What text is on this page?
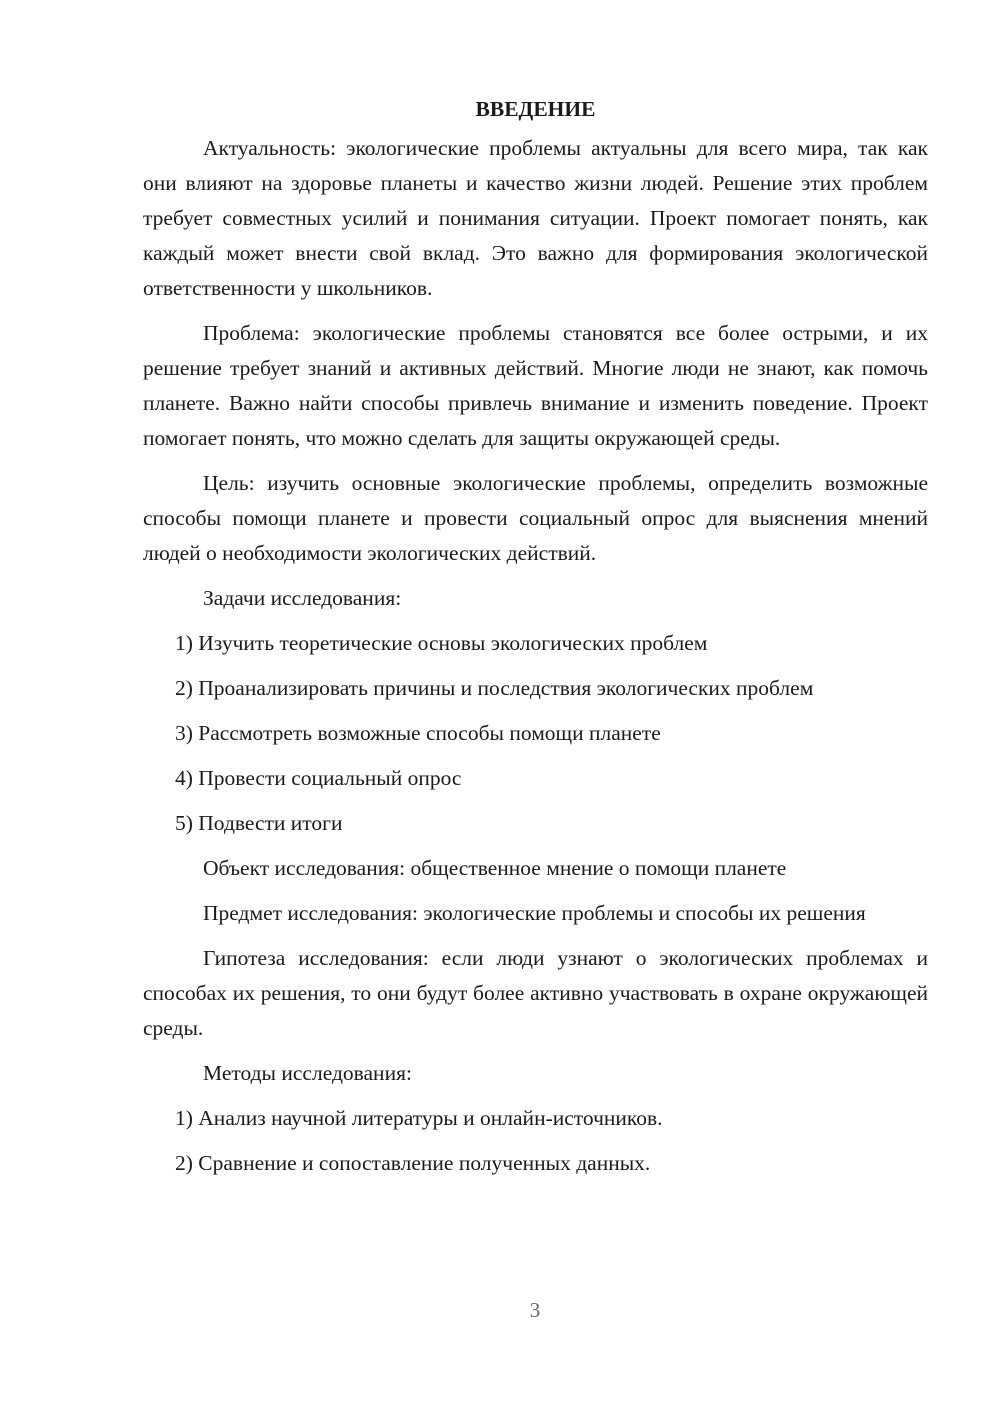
ВВЕДЕНИЕ

Актуальность: экологические проблемы актуальны для всего мира, так как они влияют на здоровье планеты и качество жизни людей. Решение этих проблем требует совместных усилий и понимания ситуации. Проект помогает понять, как каждый может внести свой вклад. Это важно для формирования экологической ответственности у школьников.

Проблема: экологические проблемы становятся все более острыми, и их решение требует знаний и активных действий. Многие люди не знают, как помочь планете. Важно найти способы привлечь внимание и изменить поведение. Проект помогает понять, что можно сделать для защиты окружающей среды.

Цель: изучить основные экологические проблемы, определить возможные способы помощи планете и провести социальный опрос для выяснения мнений людей о необходимости экологических действий.

Задачи исследования:

1) Изучить теоретические основы экологических проблем

2) Проанализировать причины и последствия экологических проблем

3) Рассмотреть возможные способы помощи планете

4) Провести социальный опрос

5) Подвести итоги

Объект исследования: общественное мнение о помощи планете

Предмет исследования: экологические проблемы и способы их решения

Гипотеза исследования: если люди узнают о экологических проблемах и способах их решения, то они будут более активно участвовать в охране окружающей среды.

Методы исследования:

1) Анализ научной литературы и онлайн-источников.

2) Сравнение и сопоставление полученных данных.

3
